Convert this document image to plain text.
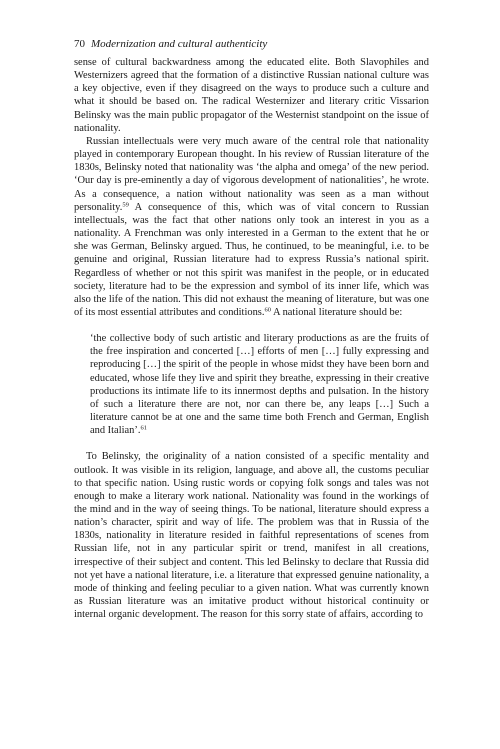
70 Modernization and cultural authenticity

sense of cultural backwardness among the educated elite. Both Slavophiles and Westernizers agreed that the formation of a distinctive Russian national culture was a key objective, even if they disagreed on the ways to produce such a culture and what it should be based on. The radical Westernizer and literary critic Vissarion Belinsky was the main public propagator of the Westernist standpoint on the issue of nationality.

Russian intellectuals were very much aware of the central role that nationality played in contemporary European thought. In his review of Russian literature of the 1830s, Belinsky noted that nationality was ‘the alpha and omega’ of the new period. ‘Our day is pre-eminently a day of vigorous development of nationalities’, he wrote. As a consequence, a nation without nationality was seen as a man without personality.$^{59}$ A consequence of this, which was of vital concern to Russian intellectuals, was the fact that other nations only took an interest in you as a nationality. A Frenchman was only interested in a German to the extent that he or she was German, Belinsky argued. Thus, he continued, to be meaningful, i.e. to be genuine and original, Russian literature had to express Russia’s national spirit. Regardless of whether or not this spirit was manifest in the people, or in educated society, literature had to be the expression and symbol of its inner life, which was also the life of the nation. This did not exhaust the meaning of literature, but was one of its most essential attributes and conditions.$^{60}$ A national literature should be:

‘the collective body of such artistic and literary productions as are the fruits of the free inspiration and concerted […] efforts of men […] fully expressing and reproducing […] the spirit of the people in whose midst they have been born and educated, whose life they live and spirit they breathe, expressing in their creative productions its intimate life to its innermost depths and pulsation. In the history of such a literature there are not, nor can there be, any leaps […] Such a literature cannot be at one and the same time both French and German, English and Italian’.$^{61}$

To Belinsky, the originality of a nation consisted of a specific mentality and outlook. It was visible in its religion, language, and above all, the customs peculiar to that specific nation. Using rustic words or copying folk songs and tales was not enough to make a literary work national. Nationality was found in the workings of the mind and in the way of seeing things. To be national, literature should express a nation’s character, spirit and way of life. The problem was that in Russia of the 1830s, nationality in literature resided in faithful representations of scenes from Russian life, not in any particular spirit or trend, manifest in all creations, irrespective of their subject and content. This led Belinsky to declare that Russia did not yet have a national literature, i.e. a literature that expressed genuine nationality, a mode of thinking and feeling peculiar to a given nation. What was currently known as Russian literature was an imitative product without historical continuity or internal organic development. The reason for this sorry state of affairs, according to
